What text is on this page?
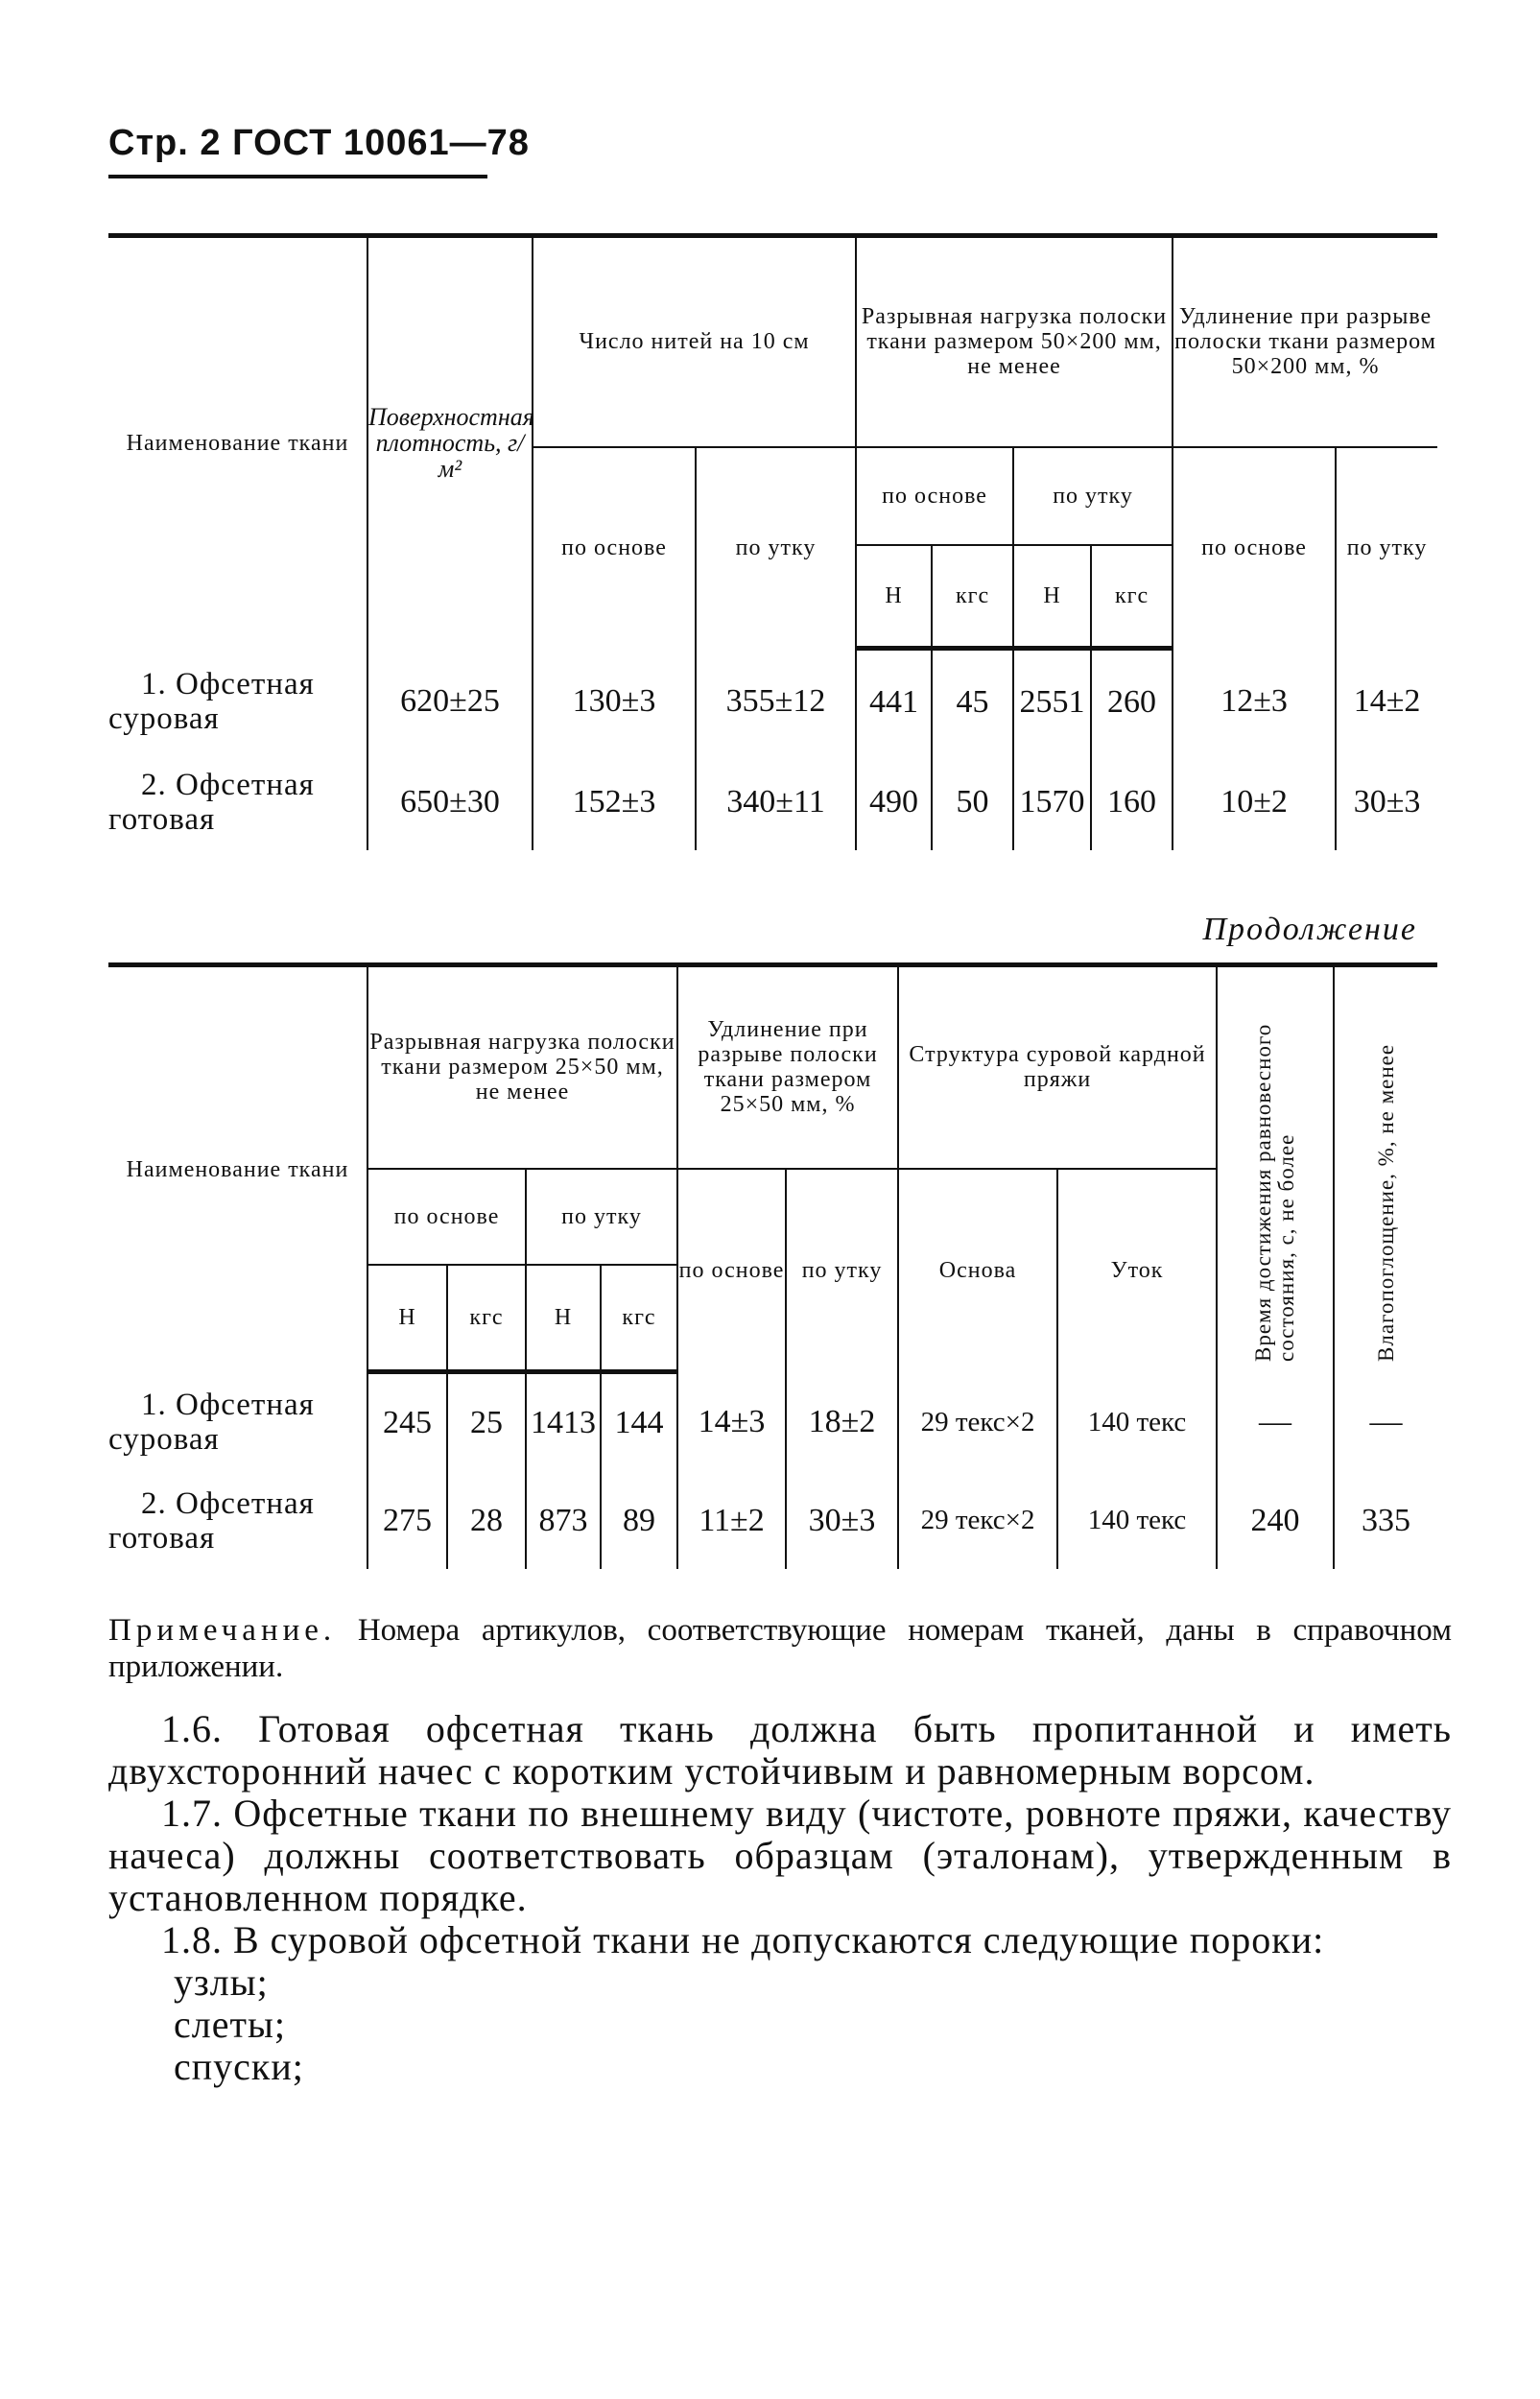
Стр. 2 ГОСТ 10061—78
Наименование ткани	Поверхностная плотность, г/м²	Число нитей на 10 см		Разрывная нагрузка полоски ткани размером 50×200 мм, не менее				Удлинение при разрыве полоски ткани размером 50×200 мм, %	
		по основе	по утку	по основе		по утку		по основе	по утку
				Н	кгс	Н	кгс		

1. Офсетная
суровая	620±25	130±3	355±12	441	45	2551	260	12±3	14±2

2. Офсетная
готовая	650±30	152±3	340±11	490	50	1570	160	10±2	30±3
Продолжение
Наименование ткани	Разрывная нагрузка полоски ткани размером 25×50 мм, не менее				Удлинение при разрыве полоски ткани размером 25×50 мм, %		Структура суровой кардной пряжи		Время достижения равновесного состояния, с, не более	Влагопоглощение, %, не менее

	по основе		по утку		по основе	по утку	Основа	Уток		
	Н	кгс	Н	кгс						

1. Офсетная
суровая	245	25	1413	144	14±3	18±2	29 текс×2	140 текс	—	—

2. Офсетная
готовая	275	28	873	89	11±2	30±3	29 текс×2	140 текс	240	335
Примечание. Номера артикулов, соответствующие номерам тканей, даны в справочном приложении.

1.6. Готовая офсетная ткань должна быть пропитанной и иметь двухсторонний начес с коротким устойчивым и равномерным ворсом.

1.7. Офсетные ткани по внешнему виду (чистоте, ровноте пряжи, качеству начеса) должны соответствовать образцам (эталонам), утвержденным в установленном порядке.

1.8. В суровой офсетной ткани не допускаются следующие пороки:

узлы;
слеты;
спуски;
